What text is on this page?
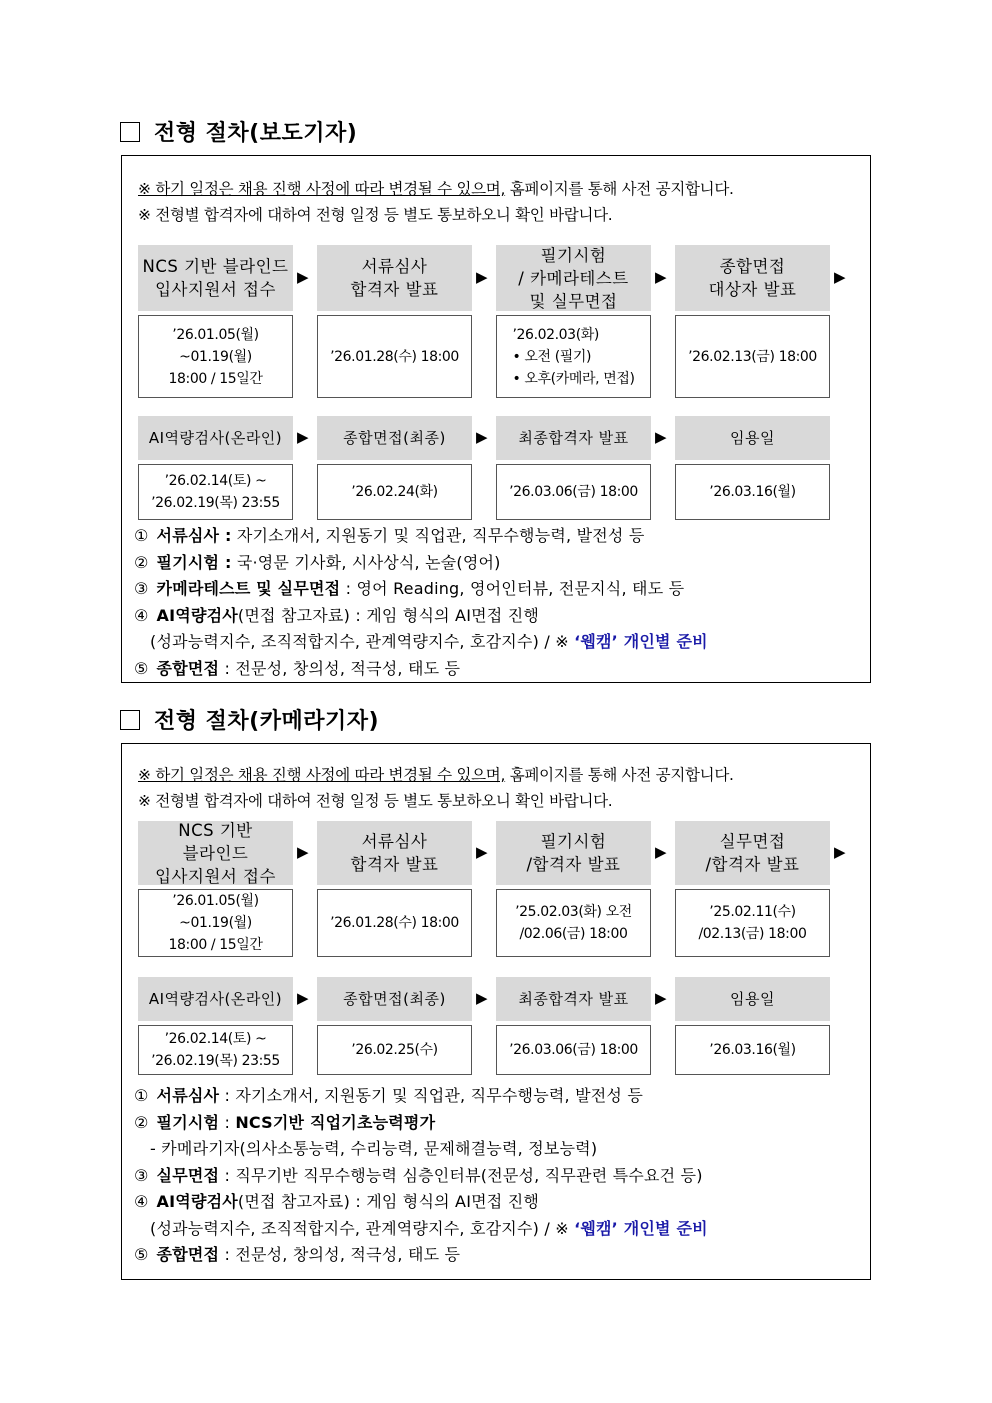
전형 절차(보도기자)
※ 하기 일정은 채용 진행 사정에 따라 변경될 수 있으며, 홈페이지를 통해 사전 공지합니다.
※ 전형별 합격자에 대하여 전형 일정 등 별도 통보하오니 확인 바랍니다.
NCS 기반 블라인드
입사지원서 접수
’26.01.05(월)
~01.19(월)
18:00 / 15일간
▶
서류심사
합격자 발표
’26.01.28(수) 18:00
▶
필기시험
/ 카메라테스트
및 실무면접
’26.02.03(화)
• 오전 (필기)
• 오후(카메라, 면접)
▶
종합면접
대상자 발표
’26.02.13(금) 18:00
▶
AI역량검사(온라인)
’26.02.14(토) ~
’26.02.19(목) 23:55
▶ 종합면접(최종)
’26.02.24(화)
▶ 최종합격자 발표
’26.03.06(금) 18:00
▶	임용일
’26.03.16(월)
① 서류심사 : 자기소개서, 지원동기 및 직업관, 직무수행능력, 발전성 등
② 필기시험 : 국·영문 기사화, 시사상식, 논술(영어)
③ 카메라테스트 및 실무면접 : 영어 Reading, 영어인터뷰, 전문지식, 태도 등
④ AI역량검사(면접 참고자료) : 게임 형식의 AI면접 진행
(성과능력지수, 조직적합지수, 관계역량지수, 호감지수) / ※ ‘웹캠’ 개인별 준비
⑤ 종합면접 : 전문성, 창의성, 적극성, 태도 등
전형 절차(카메라기자)
※ 하기 일정은 채용 진행 사정에 따라 변경될 수 있으며, 홈페이지를 통해 사전 공지합니다.
※ 전형별 합격자에 대하여 전형 일정 등 별도 통보하오니 확인 바랍니다.
NCS 기반
블라인드
입사지원서 접수
’26.01.05(월)
~01.19(월)
18:00 / 15일간
▶
서류심사
합격자 발표
’26.01.28(수) 18:00
▶
필기시험
/합격자 발표
’25.02.03(화) 오전
/02.06(금) 18:00
▶
실무면접
/합격자 발표
’25.02.11(수)
/02.13(금) 18:00
▶
AI역량검사(온라인)
’26.02.14(토) ~
’26.02.19(목) 23:55
▶ 종합면접(최종)
’26.02.25(수)
▶ 최종합격자 발표
’26.03.06(금) 18:00
▶	임용일
’26.03.16(월)
① 서류심사 : 자기소개서, 지원동기 및 직업관, 직무수행능력, 발전성 등
② 필기시험 : NCS기반 직업기초능력평가
- 카메라기자(의사소통능력, 수리능력, 문제해결능력, 정보능력)
③ 실무면접 : 직무기반 직무수행능력 심층인터뷰(전문성, 직무관련 특수요건 등)
④ AI역량검사(면접 참고자료) : 게임 형식의 AI면접 진행
(성과능력지수, 조직적합지수, 관계역량지수, 호감지수) / ※ ‘웹캠’ 개인별 준비
⑤ 종합면접 : 전문성, 창의성, 적극성, 태도 등
